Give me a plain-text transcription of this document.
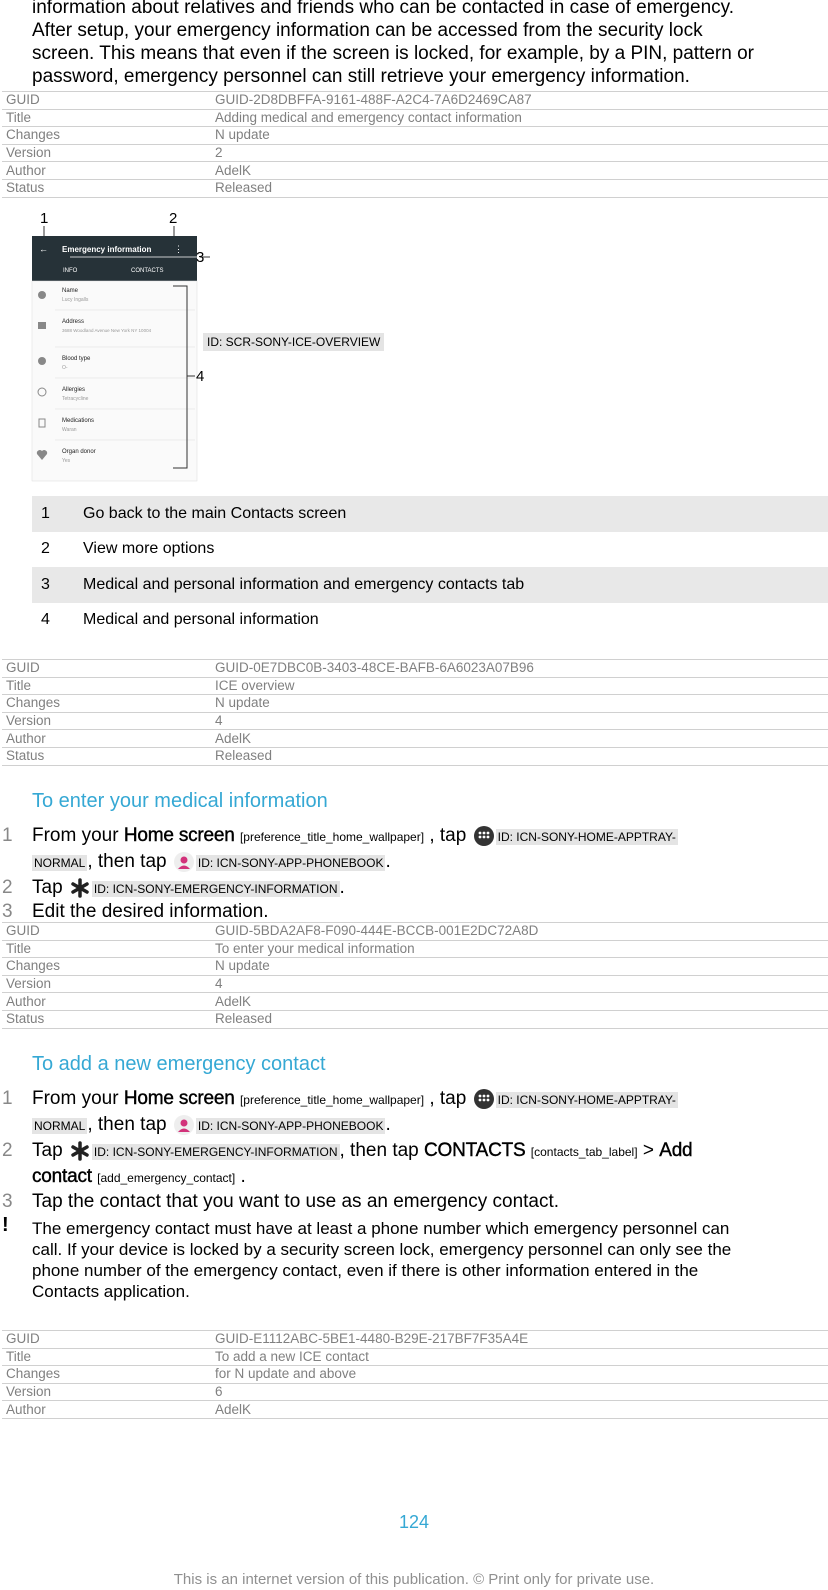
information about relatives and friends who can be contacted in case of emergency.
After setup, your emergency information can be accessed from the security lock
screen. This means that even if the screen is locked, for example, by a PIN, pattern or
password, emergency personnel can still retrieve your emergency information.

GUID	GUID-2D8DBFFA-9161-488F-A2C4-7A6D2469CA87
Title	Adding medical and emergency contact information
Changes	N update
Version	2
Author	AdelK
Status	Released
1	2
← Emergency information	⋮ 3
INFO	CONTACTS
Name
Lucy Ingalls
Address
3688 Woodland Avenue New York NY 10004
Blood type
O-
Allergies
Tetracycline
Medications
Waran
Organ donor
Yes
4
ID: SCR-SONY-ICE-OVERVIEW
1	Go back to the main Contacts screen
2	View more options
3	Medical and personal information and emergency contacts tab
4	Medical and personal information
GUID	GUID-0E7DBC0B-3403-48CE-BAFB-6A6023A07B96
Title	ICE overview
Changes	N update
Version	4
Author	AdelK
Status	Released
To enter your medical information
1 From your Home screen [preference_title_home_wallpaper] , tap	ID: ICN-SONY-HOME-APPTRAY-
NORMAL , then tap	ID: ICN-SONY-APP-PHONEBOOK .
2 Tap	ID: ICN-SONY-EMERGENCY-INFORMATION .
3 Edit the desired information.
GUID	GUID-5BDA2AF8-F090-444E-BCCB-001E2DC72A8D
Title	To enter your medical information
Changes	N update
Version	4
Author	AdelK
Status	Released
To add a new emergency contact
1 From your Home screen [preference_title_home_wallpaper] , tap	ID: ICN-SONY-HOME-APPTRAY-
NORMAL , then tap	ID: ICN-SONY-APP-PHONEBOOK .
2 Tap	ID: ICN-SONY-EMERGENCY-INFORMATION , then tap CONTACTS [contacts_tab_label] > Add
contact [add_emergency_contact] .
3 Tap the contact that you want to use as an emergency contact.
! The emergency contact must have at least a phone number which emergency personnel can
call. If your device is locked by a security screen lock, emergency personnel can only see the
phone number of the emergency contact, even if there is other information entered in the
Contacts application.
GUID	GUID-E1112ABC-5BE1-4480-B29E-217BF7F35A4E
Title	To add a new ICE contact
Changes	for N update and above
Version	6
Author	AdelK
124
This is an internet version of this publication. © Print only for private use.
